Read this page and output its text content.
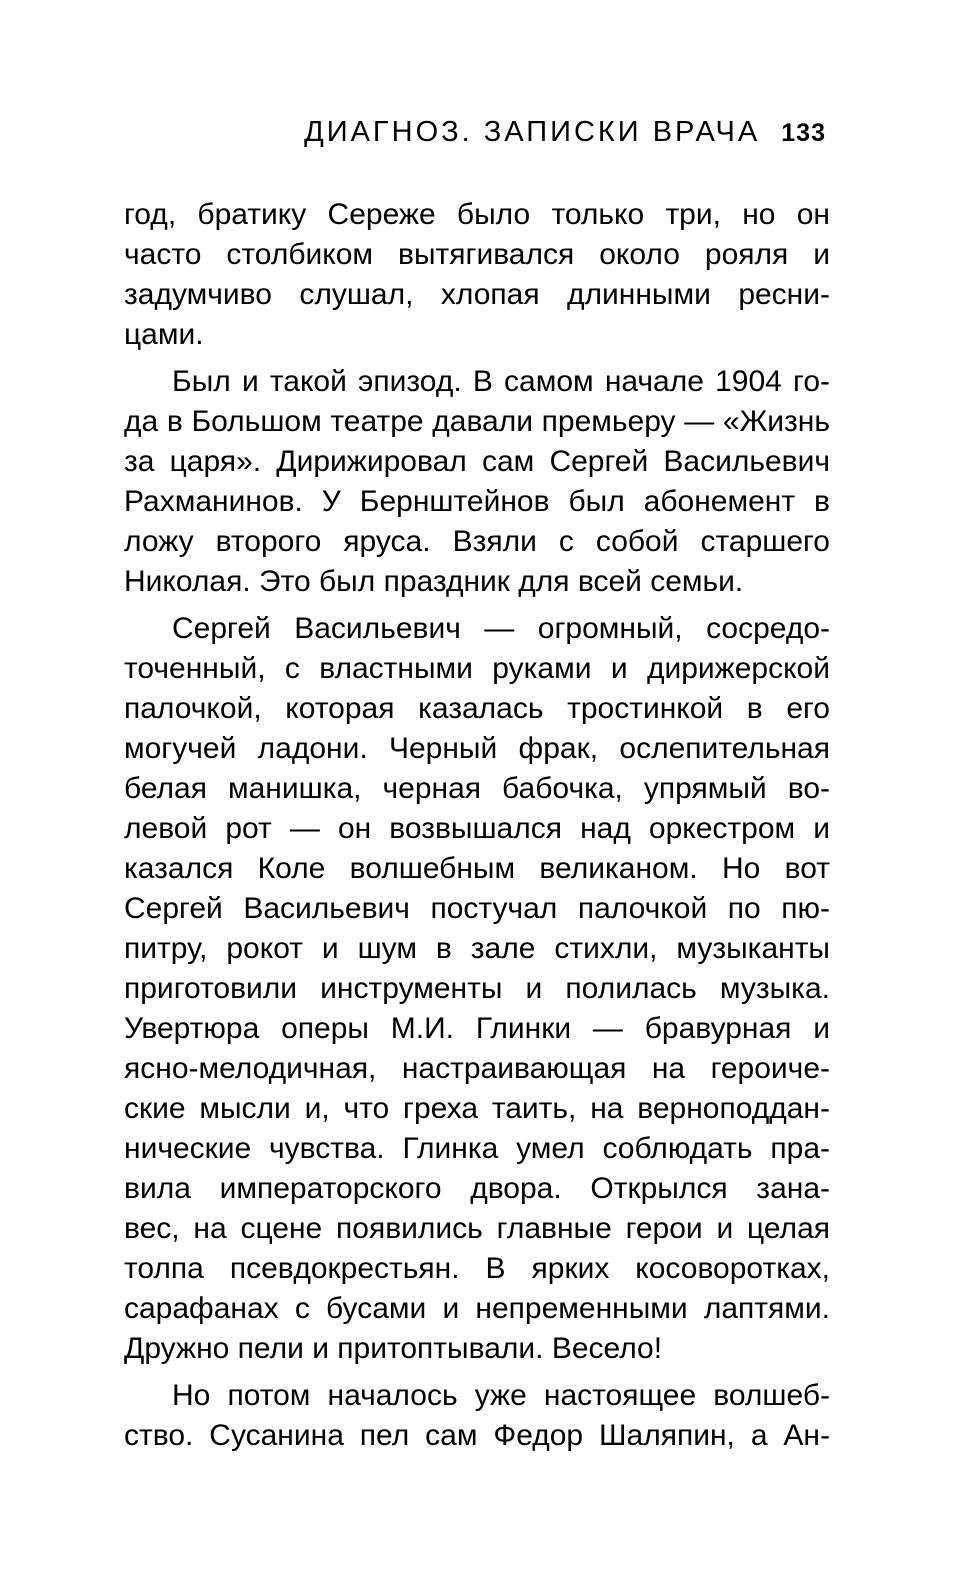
ДИАГНОЗ. ЗАПИСКИ ВРАЧА 133
год, братику Сереже было только три, но он
часто столбиком вытягивался около рояля и
задумчиво слушал, хлопая длинными ресни-
цами.
Был и такой эпизод. В самом начале 1904 го-
да в Большом театре давали премьеру — «Жизнь
за царя». Дирижировал сам Сергей Васильевич
Рахманинов. У Бернштейнов был абонемент в
ложу второго яруса. Взяли с собой старшего
Николая. Это был праздник для всей семьи.
Сергей Васильевич — огромный, сосредо-
точенный, с властными руками и дирижерской
палочкой, которая казалась тростинкой в его
могучей ладони. Черный фрак, ослепительная
белая манишка, черная бабочка, упрямый во-
левой рот — он возвышался над оркестром и
казался Коле волшебным великаном. Но вот
Сергей Васильевич постучал палочкой по пю-
питру, рокот и шум в зале стихли, музыканты
приготовили инструменты и полилась музыка.
Увертюра оперы М.И. Глинки — бравурная и
ясно-мелодичная, настраивающая на героиче-
ские мысли и, что греха таить, на верноподдан-
нические чувства. Глинка умел соблюдать пра-
вила императорского двора. Открылся зана-
вес, на сцене появились главные герои и целая
толпа псевдокрестьян. В ярких косоворотках,
сарафанах с бусами и непременными лаптями.
Дружно пели и притоптывали. Весело!
Но потом началось уже настоящее волшеб-
ство. Сусанина пел сам Федор Шаляпин, а Ан-
